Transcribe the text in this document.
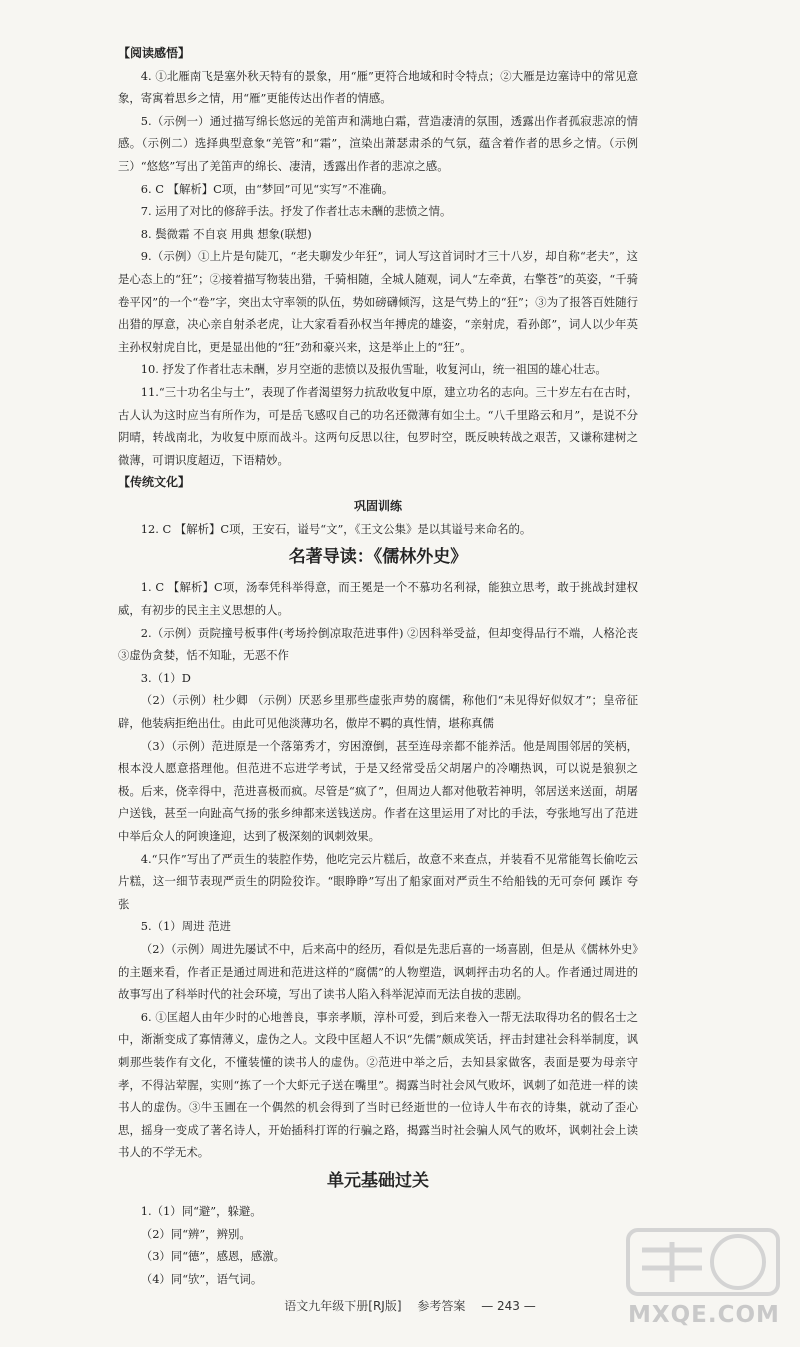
【阅读感悟】

4. ①北雁南飞是塞外秋天特有的景象，用“雁”更符合地域和时令特点；②大雁是边塞诗中的常见意象，寄寓着思乡之情，用“雁”更能传达出作者的情感。

5.（示例一）通过描写绵长悠远的羌笛声和满地白霜，营造凄清的氛围，透露出作者孤寂悲凉的情感。（示例二）选择典型意象“羌管”和“霜”，渲染出萧瑟肃杀的气氛，蕴含着作者的思乡之情。（示例三）“悠悠”写出了羌笛声的绵长、凄清，透露出作者的悲凉之感。

6. C 【解析】C项，由“梦回”可见“实写”不准确。

7. 运用了对比的修辞手法。抒发了作者壮志未酬的悲愤之情。

8. 鬓微霜 不自哀 用典 想象(联想)

9.（示例）①上片是句陡兀，“老夫聊发少年狂”，词人写这首词时才三十八岁，却自称“老夫”，这是心态上的“狂”；②接着描写物装出猎，千骑相随，全城人随观，词人“左牵黄，右擎苍”的英姿，“千骑卷平冈”的一个“卷”字，突出太守率领的队伍，势如磅礴倾泻，这是气势上的“狂”；③为了报答百姓随行出猎的厚意，决心亲自射杀老虎，让大家看看孙权当年搏虎的雄姿，“亲射虎，看孙郎”，词人以少年英主孙权射虎自比，更是显出他的“狂”劲和豪兴来，这是举止上的“狂”。

10. 抒发了作者壮志未酬，岁月空逝的悲愤以及报仇雪耻，收复河山，统一祖国的雄心壮志。

11.“三十功名尘与土”，表现了作者渴望努力抗敌收复中原，建立功名的志向。三十岁左右在古时，古人认为这时应当有所作为，可是岳飞感叹自己的功名还微薄有如尘土。“八千里路云和月”，是说不分阴晴，转战南北，为收复中原而战斗。这两句反思以往，包罗时空，既反映转战之艰苦，又谦称建树之微薄，可谓识度超迈，下语精妙。

【传统文化】

巩固训练

12. C 【解析】C项，王安石，谥号“文”，《王文公集》是以其谥号来命名的。

名著导读：《儒林外史》

1. C 【解析】C项，汤奉凭科举得意，而王冕是一个不慕功名利禄，能独立思考，敢于挑战封建权威，有初步的民主主义思想的人。

2.（示例）贡院撞号板事件(考场拎倒凉取范进事件) ②因科举受益，但却变得品行不端，人格沦丧 ③虚伪贪婪，恬不知耻，无恶不作

3.（1）D

（2）（示例）杜少卿 （示例）厌恶乡里那些虚张声势的腐儒，称他们“未见得好似奴才”；皇帝征辟，他装病拒绝出仕。由此可见他淡薄功名，傲岸不羁的真性情，堪称真儒

（3）（示例）范进原是一个落第秀才，穷困潦倒，甚至连母亲都不能养活。他是周围邻居的笑柄，根本没人愿意搭理他。但范进不忘进学考试，于是又经常受岳父胡屠户的冷嘲热讽，可以说是狼狈之极。后来，侥幸得中，范进喜极而疯。尽管是“疯了”，但周边人都对他敬若神明，邻居送来送面，胡屠户送钱，甚至一向趾高气扬的张乡绅都来送钱送房。作者在这里运用了对比的手法，夸张地写出了范进中举后众人的阿谀逢迎，达到了极深刻的讽刺效果。

4.“只作”写出了严贡生的装腔作势，他吃完云片糕后，故意不来查点，并装看不见常能驾长偷吃云片糕，这一细节表现严贡生的阴险狡诈。“眼睁睁”写出了船家面对严贡生不给船钱的无可奈何 蹊诈 夸张

5.（1）周进 范进

（2）（示例）周进先屡试不中，后来高中的经历，看似是先悲后喜的一场喜剧，但是从《儒林外史》的主题来看，作者正是通过周进和范进这样的“腐儒”的人物塑造，讽刺抨击功名的人。作者通过周进的故事写出了科举时代的社会环境，写出了读书人陷入科举泥淖而无法自拔的悲剧。

6. ①匡超人由年少时的心地善良，事亲孝顺，淳朴可爱，到后来卷入一帮无法取得功名的假名士之中，渐渐变成了寡情薄义，虚伪之人。文段中匡超人不识“先儒”颇成笑话，抨击封建社会科举制度，讽刺那些装作有文化，不懂装懂的读书人的虚伪。②范进中举之后，去知县家做客，表面是要为母亲守孝，不得沾荤腥，实则“拣了一个大虾元子送在嘴里”。揭露当时社会风气败坏，讽刺了如范进一样的读书人的虚伪。③牛玉圃在一个偶然的机会得到了当时已经逝世的一位诗人牛布衣的诗集，就动了歪心思，摇身一变成了著名诗人，开始插科打诨的行骗之路，揭露当时社会骗人风气的败坏，讽刺社会上读书人的不学无术。

单元基础过关

1.（1）同“避”，躲避。

（2）同“辨”，辨别。

（3）同“德”，感恩，感激。

（4）同“欤”，语气词。

语文九年级下册[RJ版] 参考答案 — 243 —	MXQE.COM
